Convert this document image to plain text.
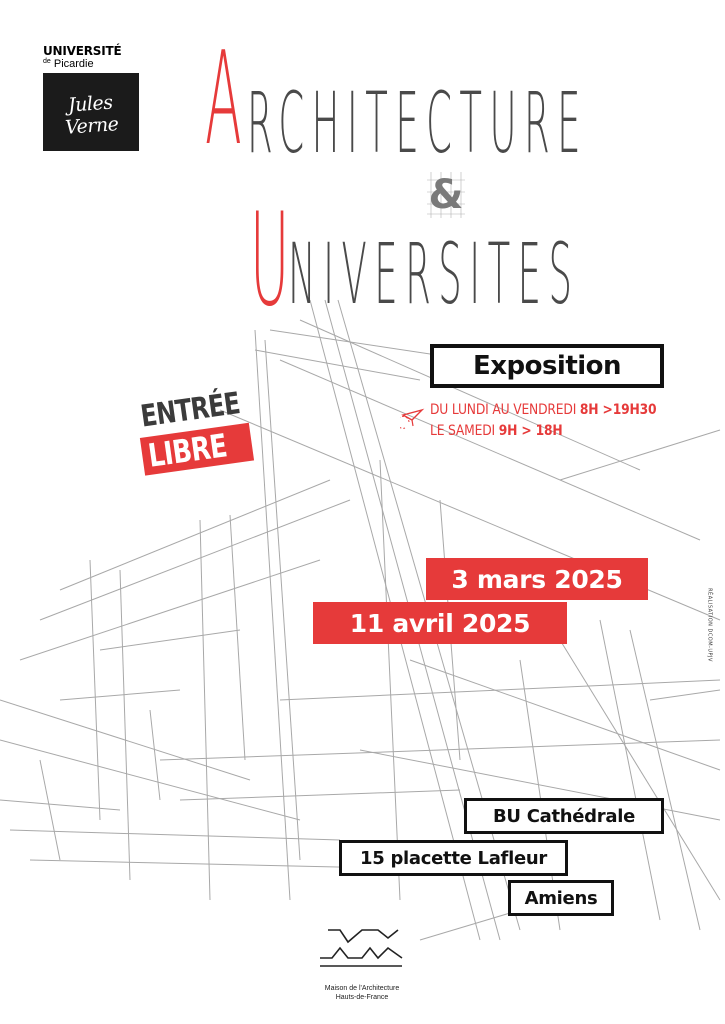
UNIVERSITÉ
$^{de}$ Picardie
Jules Verne A RCHITECTURE
&
U
NIVERSITES
Exposition
DU LUNDI AU VENDREDI 8H >19H30
LE SAMEDI 9H > 18H
ENTRÉE
LIBRE
3 mars 2025
11 avril 2025	RÉALISATION DCOM-UPJV
BU Cathédrale
15 placette Lafleur
Amiens
Maison de l'Architecture
Hauts-de-France
